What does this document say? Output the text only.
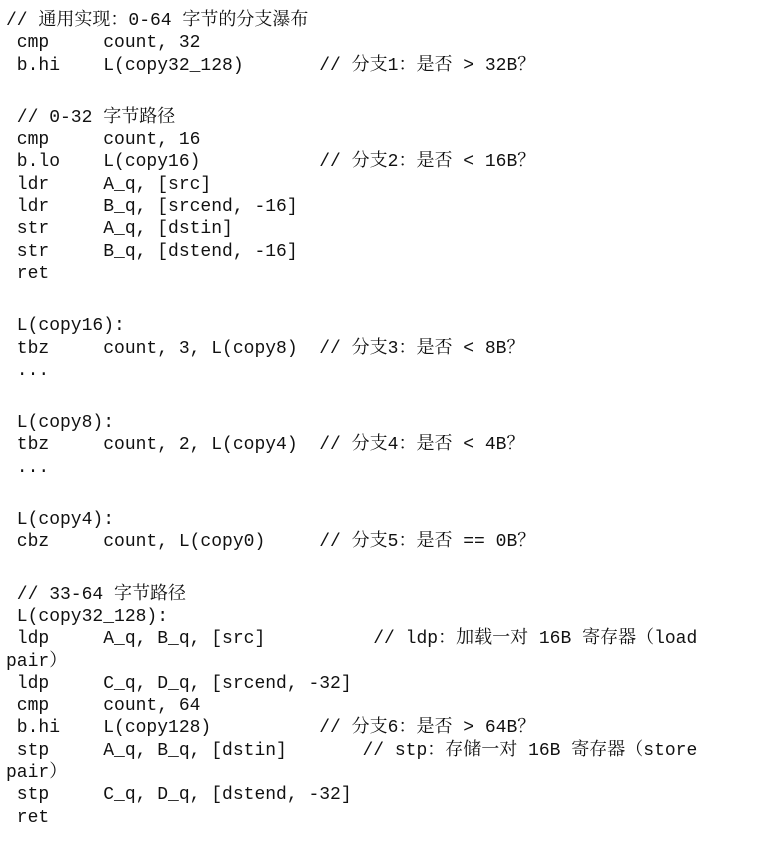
// 通用实现：0-64 字节的分支瀑布
cmp     count, 32
b.hi    L(copy32_128)       // 分支1：是否 > 32B？
// 0-32 字节路径
cmp     count, 16
b.lo    L(copy16)           // 分支2：是否 < 16B？
ldr     A_q, [src]
ldr     B_q, [srcend, -16]
str     A_q, [dstin]
str     B_q, [dstend, -16]
ret
L(copy16):
tbz     count, 3, L(copy8)  // 分支3：是否 < 8B？
...
L(copy8):
tbz     count, 2, L(copy4)  // 分支4：是否 < 4B？
...
L(copy4):
cbz     count, L(copy0)     // 分支5：是否 == 0B？
// 33-64 字节路径
L(copy32_128):
ldp     A_q, B_q, [src]          // ldp：加载一对 16B 寄存器（load
pair）
ldp     C_q, D_q, [srcend, -32]
cmp     count, 64
b.hi    L(copy128)          // 分支6：是否 > 64B？
stp     A_q, B_q, [dstin]       // stp：存储一对 16B 寄存器（store
pair）
stp     C_q, D_q, [dstend, -32]
ret
